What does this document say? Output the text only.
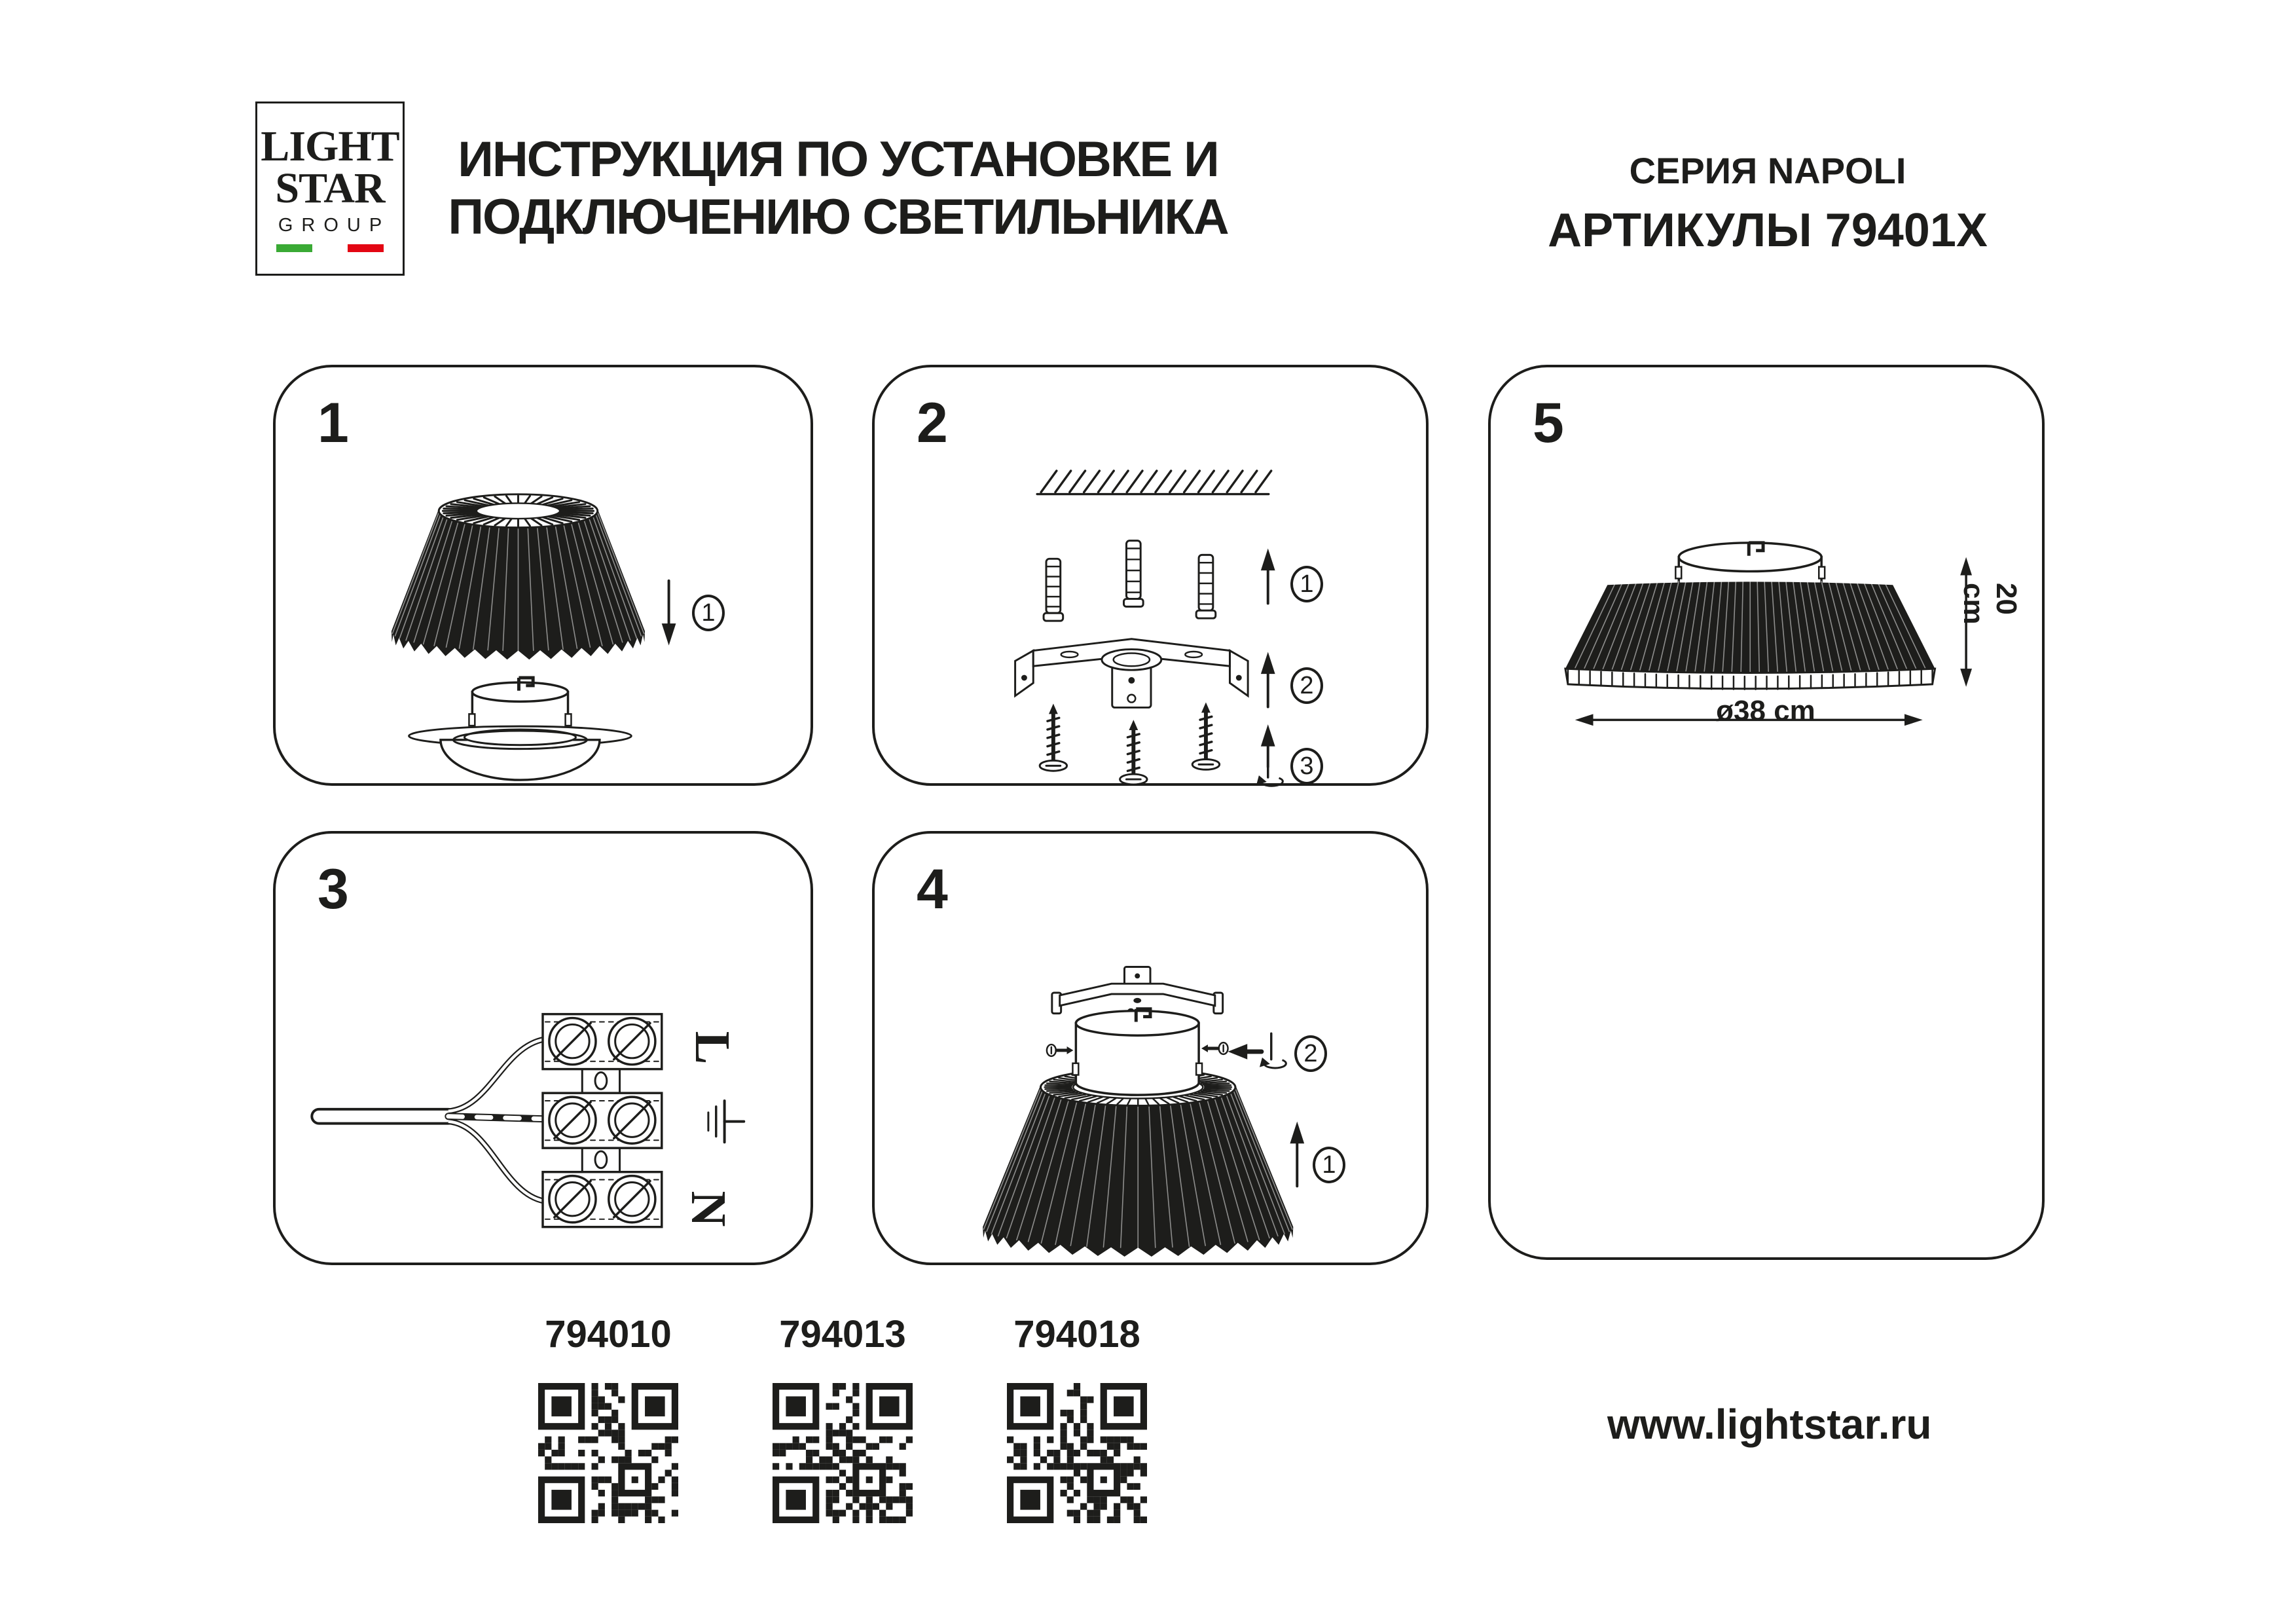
LIGHT
STAR
GROUP
ИНСТРУКЦИЯ ПО УСТАНОВКЕ И
ПОДКЛЮЧЕНИЮ СВЕТИЛЬНИКА
СЕРИЯ NAPOLI
АРТИКУЛЫ 79401X
1
1
2
1
2
3
3
L
N
4
2
1
5
20 cm
ø38 cm
794010	794013	794018
www.lightstar.ru
